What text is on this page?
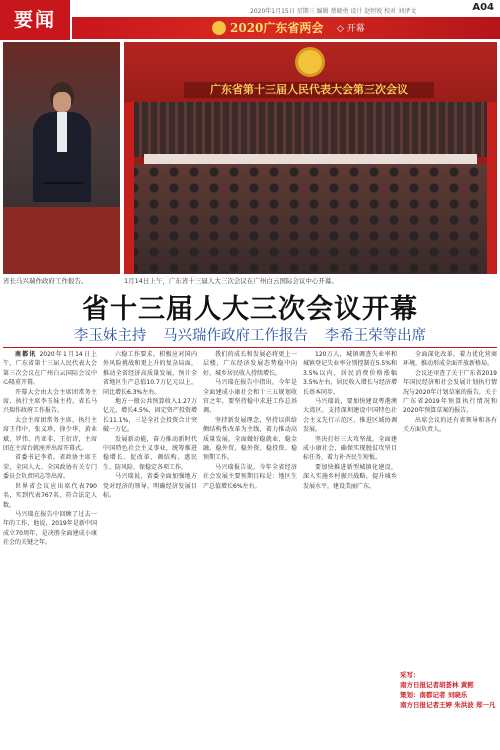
要闻	2020年1月15日 星期三 编辑 蔡晓勇 设计 赵恒锐 校对 刘泽文	A04
2020广东省两会 ◇ 开幕
广东省第十三届人民代表大会第三次会议
省长马兴瑞作政府工作报告。	1月14日上午，广东省十三届人大三次会议在广州白云国际会议中心开幕。
省十三届人大三次会议开幕
李玉妹主持 马兴瑞作政府工作报告 李希王荣等出席

南都讯 2020年1月14日上午，广东省第十三届人民代表大会第三次会议在广州白云国际会议中心隆重开幕。

开幕大会由大会主席团常务主席、执行主席李玉妹主持，省长马兴瑞作政府工作报告。

大会主席团常务主席、执行主席王伟中、张义珍、徐少华、黄业斌、罗伟、肖亚非、王衍诗，主席团在主席台就座并出席开幕式。

省委书记李希，省政协主席王荣，全国人大、全国政协有关专门委员会负责同志等出席。

世界省会议应出席代表790名，实到代表767名，符合法定人数。

马兴瑞在报告中回顾了过去一年的工作，他说，2019年是新中国成立70周年，是决胜全面建成小康社会的关键之年。

六稳工作要求，积极应对国内外风险挑战和更上升的复杂局面，推动全省经济高质量发展，预计全省地区生产总值10.7万亿元以上，同比增长6.3%左右。

地方一般公共预算收入1.27万亿元，增长4.5%，固定资产投资增长11.1%，三是全社会投资合计突破一万亿。

发展新动能，奋力推动新时代中国特色社会主义事业，统筹推进稳增长、促改革、调结构、惠民生、防风险、保稳定各项工作。

马兴瑞说，省委全面加强地方党对经济的领导，明确经济发展目标。

我们的成长和发展必将更上一层楼，广东经济发展态势稳中向好，城乡居民收入持续增长。

马兴瑞在报告中指出，今年是全面建成小康社会和十三五规划收官之年，要坚持稳中求进工作总基调。

坚持新发展理念，坚持以供给侧结构性改革为主线，着力推动高质量发展，全面做好稳就业、稳金融、稳外贸、稳外资、稳投资、稳预期工作。

马兴瑞报告说，今年全省经济社会发展主要预期目标是：地区生产总值增长6%左右。

120万人，城镇调查失业率和城镇登记失业率分别控制在5.5%和3.5%以内，居民消费价格涨幅3.5%左右，居民收入增长与经济增长基本同步。

马兴瑞说，要加快建设粤港澳大湾区，支持深圳建设中国特色社会主义先行示范区，推进区域协调发展。

坚决打好三大攻坚战，全面建成小康社会，确保实现脱贫攻坚目标任务，着力补齐民生短板。

要加快推进新型城镇化建设，深入实施乡村振兴战略，提升城乡发展水平，建设美丽广东。

全面深化改革，着力优化营商环境，推动形成全面开放新格局。

会议还审查了关于广东省2019年国民经济和社会发展计划执行情况与2020年计划草案的报告，关于广东省2019年预算执行情况和2020年预算草案的报告。

出席会议的还有省领导和各有关方面负责人。

采写：
南方日报记者胡荟林 黄熙
策划：南都记者 刘晓乐
南方日报记者王婷 朱洪波 郑一凡
